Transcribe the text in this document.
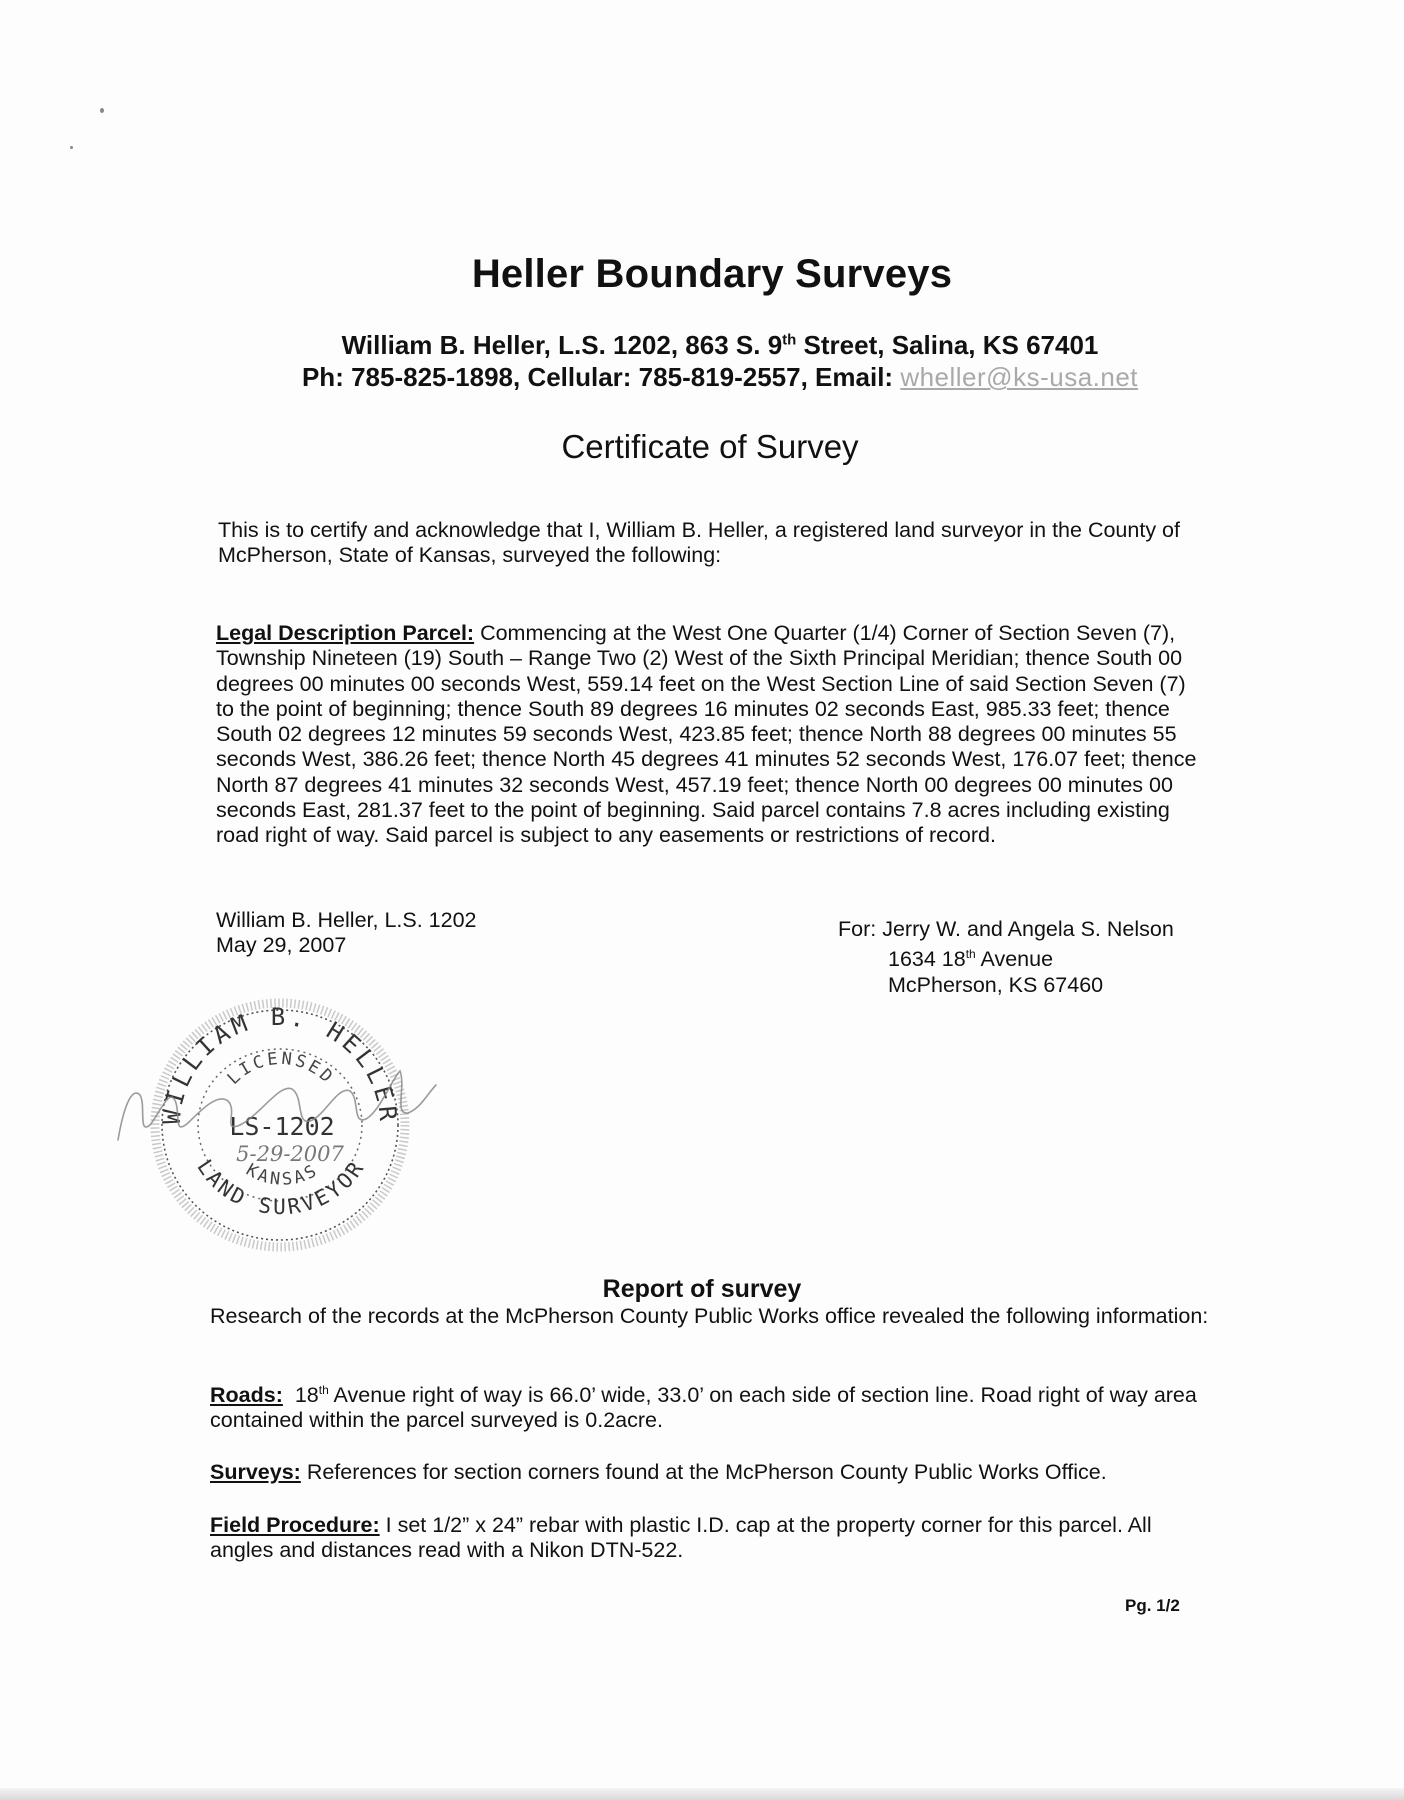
Heller Boundary Surveys
William B. Heller, L.S. 1202, 863 S. 9th Street, Salina, KS 67401
Ph: 785-825-1898, Cellular: 785-819-2557, Email: wheller@ks-usa.net
Certificate of Survey
This is to certify and acknowledge that I, William B. Heller, a registered land surveyor in the County of McPherson, State of Kansas, surveyed the following:
Legal Description Parcel: Commencing at the West One Quarter (1/4) Corner of Section Seven (7), Township Nineteen (19) South – Range Two (2) West of the Sixth Principal Meridian; thence South 00 degrees 00 minutes 00 seconds West, 559.14 feet on the West Section Line of said Section Seven (7) to the point of beginning; thence South 89 degrees 16 minutes 02 seconds East, 985.33 feet; thence South 02 degrees 12 minutes 59 seconds West, 423.85 feet; thence North 88 degrees 00 minutes 55 seconds West, 386.26 feet; thence North 45 degrees 41 minutes 52 seconds West, 176.07 feet; thence North 87 degrees 41 minutes 32 seconds West, 457.19 feet; thence North 00 degrees 00 minutes 00 seconds East, 281.37 feet to the point of beginning. Said parcel contains 7.8 acres including existing road right of way. Said parcel is subject to any easements or restrictions of record.
William B. Heller, L.S. 1202
May 29, 2007
For: Jerry W. and Angela S. Nelson
1634 18th Avenue
McPherson, KS 67460
WILLIAM B. HELLER
LICENSED
LS-1202
5-29-2007
KANSAS
LAND SURVEYOR
Report of survey
Research of the records at the McPherson County Public Works office revealed the following information:
Roads:  18th Avenue right of way is 66.0’ wide, 33.0’ on each side of section line. Road right of way area contained within the parcel surveyed is 0.2acre.
Surveys: References for section corners found at the McPherson County Public Works Office.
Field Procedure: I set 1/2” x 24” rebar with plastic I.D. cap at the property corner for this parcel. All angles and distances read with a Nikon DTN-522.
Pg. 1/2
